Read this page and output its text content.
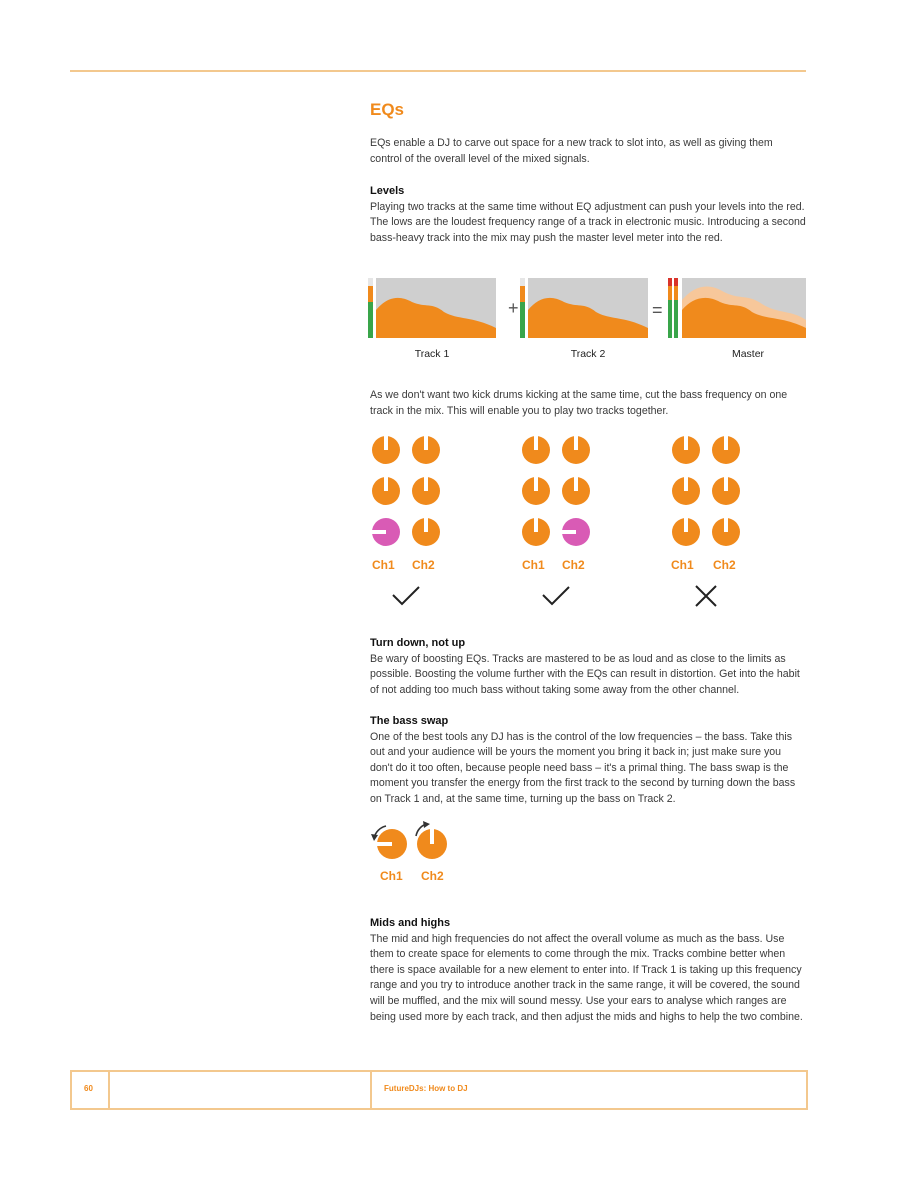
EQs

EQs enable a DJ to carve out space for a new track to slot into, as well as giving them control of the overall level of the mixed signals.

Levels
Playing two tracks at the same time without EQ adjustment can push your levels into the red. The lows are the loudest frequency range of a track in electronic music. Introducing a second bass-heavy track into the mix may push the master level meter into the red.

+	=
Track 1	Track 2	Master

As we don't want two kick drums kicking at the same time, cut the bass frequency on one track in the mix. This will enable you to play two tracks together.

Ch1 Ch2	Ch1 Ch2	Ch1 Ch2

Turn down, not up
Be wary of boosting EQs. Tracks are mastered to be as loud and as close to the limits as possible. Boosting the volume further with the EQs can result in distortion. Get into the habit of not adding too much bass without taking some away from the other channel.

The bass swap
One of the best tools any DJ has is the control of the low frequencies – the bass. Take this out and your audience will be yours the moment you bring it back in; just make sure you don't do it too often, because people need bass – it's a primal thing. The bass swap is the moment you transfer the energy from the first track to the second by turning down the bass on Track 1 and, at the same time, turning up the bass on Track 2.

Ch1 Ch2

Mids and highs
The mid and high frequencies do not affect the overall volume as much as the bass. Use them to create space for elements to come through the mix. Tracks combine better when there is space available for a new element to enter into. If Track 1 is taking up this frequency range and you try to introduce another track in the same range, it will be covered, the sound will be muffled, and the mix will sound messy. Use your ears to analyse which ranges are being used more by each track, and then adjust the mids and highs to help the two combine.

60	FutureDJs: How to DJ
